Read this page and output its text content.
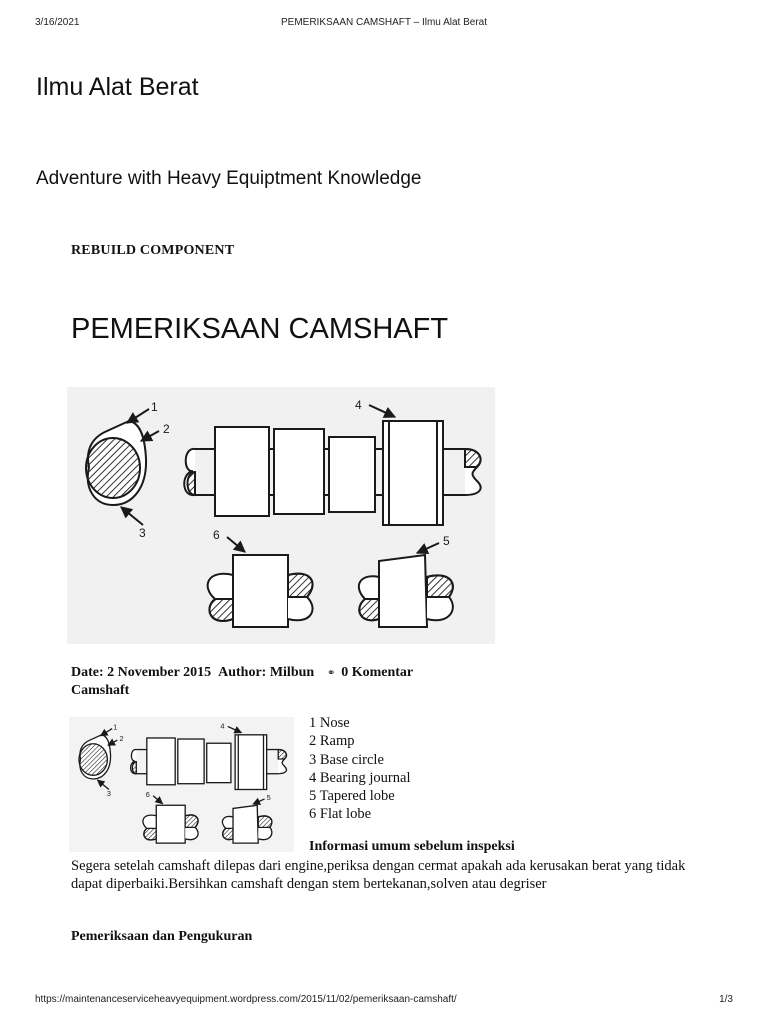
3/16/2021	PEMERIKSAAN CAMSHAFT – Ilmu Alat Berat
Ilmu Alat Berat
Adventure with Heavy Equiptment Knowledge
REBUILD COMPONENT
PEMERIKSAAN CAMSHAFT
1
2
3
4
5
6
Date: 2 November 2015 Author: Milbun ⚭ 0 Komentar
Camshaft
1
2
3
4
5
6
1 Nose
2 Ramp
3 Base circle
4 Bearing journal
5 Tapered lobe
6 Flat lobe
Informasi umum sebelum inspeksi
Segera setelah camshaft dilepas dari engine,periksa dengan cermat apakah ada kerusakan berat yang tidak dapat diperbaiki.Bersihkan camshaft dengan stem bertekanan,solven atau degriser
Pemeriksaan dan Pengukuran
https://maintenanceserviceheavyequipment.wordpress.com/2015/11/02/pemeriksaan-camshaft/	1/3
